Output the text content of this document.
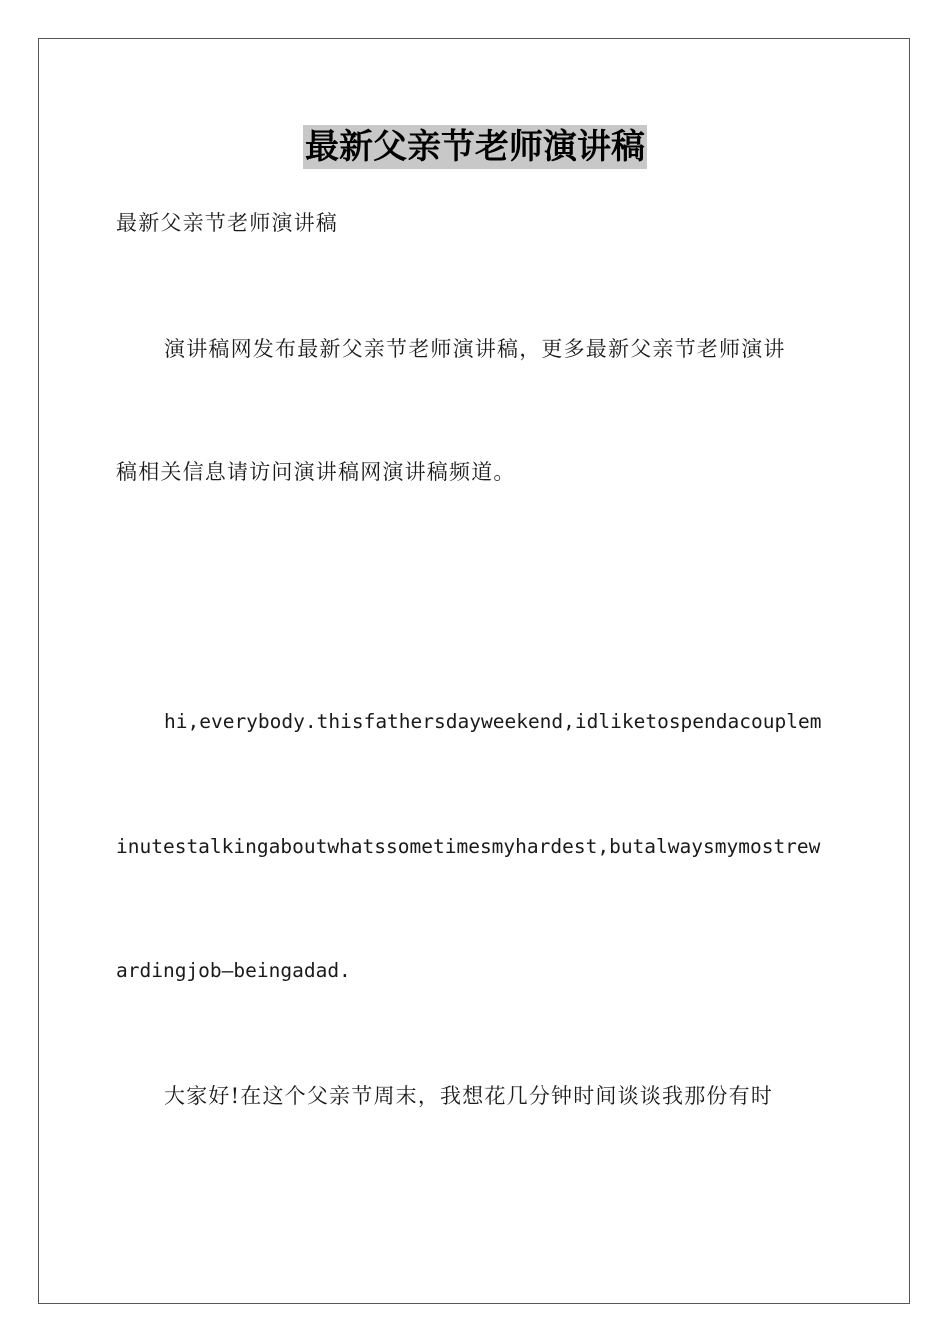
最新父亲节老师演讲稿
最新父亲节老师演讲稿
演讲稿网发布最新父亲节老师演讲稿，更多最新父亲节老师演讲
稿相关信息请访问演讲稿网演讲稿频道。
hi,everybody.thisfathersdayweekend,idliketospendacouplem
inutestalkingaboutwhatssometimesmyhardest,butalwaysmymostrew
ardingjob–beingadad.
大家好!在这个父亲节周末，我想花几分钟时间谈谈我那份有时
